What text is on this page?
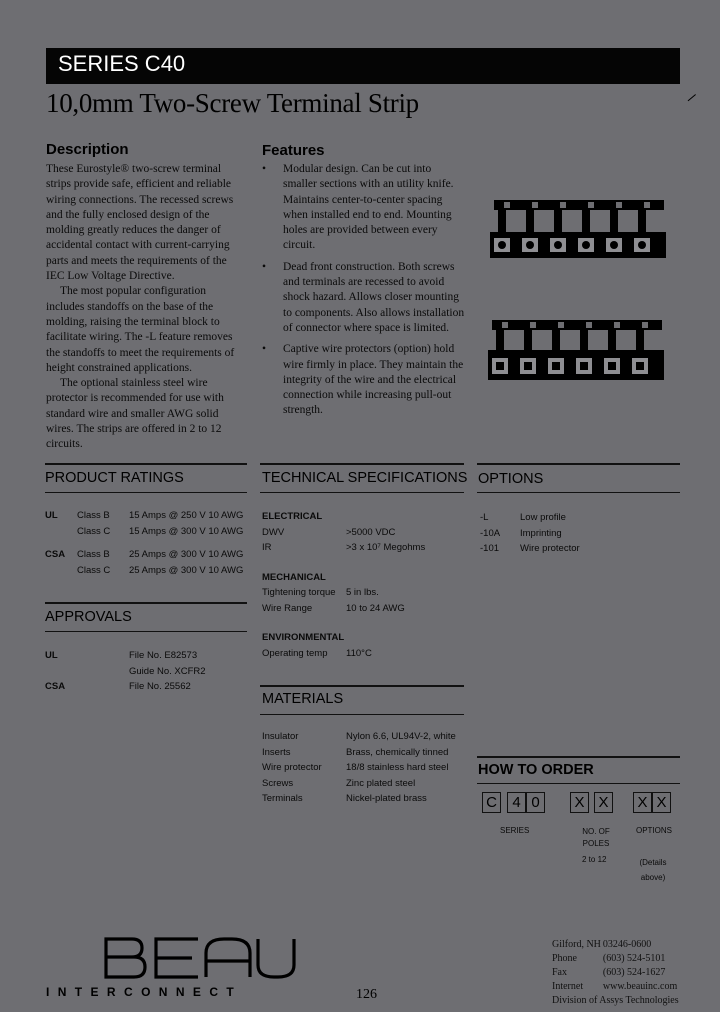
SERIES C40
10,0mm Two-Screw Terminal Strip
Description

These Eurostyle® two-screw terminal strips provide safe, efficient and reliable wiring connections. The recessed screws and the fully enclosed design of the molding greatly reduces the danger of accidental contact with current-carrying parts and meets the requirements of the IEC Low Voltage Directive.

The most popular configuration includes standoffs on the base of the molding, raising the terminal block to facilitate wiring. The -L feature removes the standoffs to meet the requirements of height constrained applications.

The optional stainless steel wire protector is recommended for use with standard wire and smaller AWG solid wires. The strips are offered in 2 to 12 circuits.

Features
• Modular design. Can be cut into smaller sections with an utility knife. Maintains center-to-center spacing when installed end to end. Mounting holes are provided between every circuit.
• Dead front construction. Both screws and terminals are recessed to avoid shock hazard. Allows closer mounting to components. Also allows installation of connector where space is limited.
• Captive wire protectors (option) hold wire firmly in place. They maintain the integrity of the wire and the electrical connection while increasing pull-out strength.
PRODUCT RATINGS
UL	Class B	15 Amps @ 250 V 10 AWG
	Class C	15 Amps @ 300 V 10 AWG

CSA	Class B	25 Amps @ 300 V 10 AWG
	Class C	25 Amps @ 300 V 10 AWG
APPROVALS
UL	File No. E82573
	Guide No. XCFR2
CSA	File No. 25562
TECHNICAL SPECIFICATIONS
ELECTRICAL	
DWV	>5000 VDC
IR	>3 x 10⁷ Megohms

MECHANICAL	
Tightening torque	5 in lbs.
Wire Range	10 to 24 AWG

ENVIRONMENTAL	
Operating temp	110°C
MATERIALS
Insulator	Nylon 6.6, UL94V-2, white
Inserts	Brass, chemically tinned
Wire protector	18/8 stainless hard steel
Screws	Zinc plated steel
Terminals	Nickel-plated brass
OPTIONS
-L	Low profile
-10A	Imprinting
-101	Wire protector
HOW TO ORDER
C	4 0	X X	X X
SERIES	NO. OF POLES
2 to 12
OPTIONS
(Details above)
BEAU
INTERCONNECT	126
Gilford, NH	03246-0600
Phone	(603) 524-5101
Fax	(603) 524-1627
Internet	www.beauinc.com
Division of Assys Technologies	
